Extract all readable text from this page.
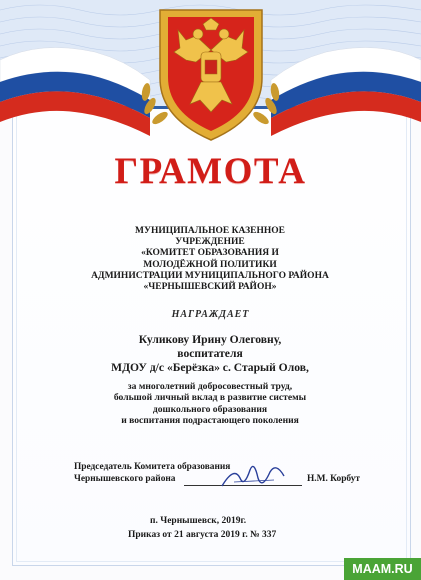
ГРАМОТА
МУНИЦИПАЛЬНОЕ КАЗЕННОЕ
УЧРЕЖДЕНИЕ
«КОМИТЕТ ОБРАЗОВАНИЯ И
МОЛОДЁЖНОЙ ПОЛИТИКИ
АДМИНИСТРАЦИИ МУНИЦИПАЛЬНОГО РАЙОНА
«ЧЕРНЫШЕВСКИЙ РАЙОН»
НАГРАЖДАЕТ
Куликову Ирину Олеговну,
воспитателя
МДОУ д/с «Берёзка» с. Старый Олов,
за многолетний добросовестный труд,
большой личный вклад в развитие системы
дошкольного образования
и воспитания подрастающего поколения
Председатель Комитета образования
Чернышевского района	Н.М. Корбут
п. Чернышевск, 2019г.
Приказ от 21 августа 2019 г. № 337
MAAM.RU
